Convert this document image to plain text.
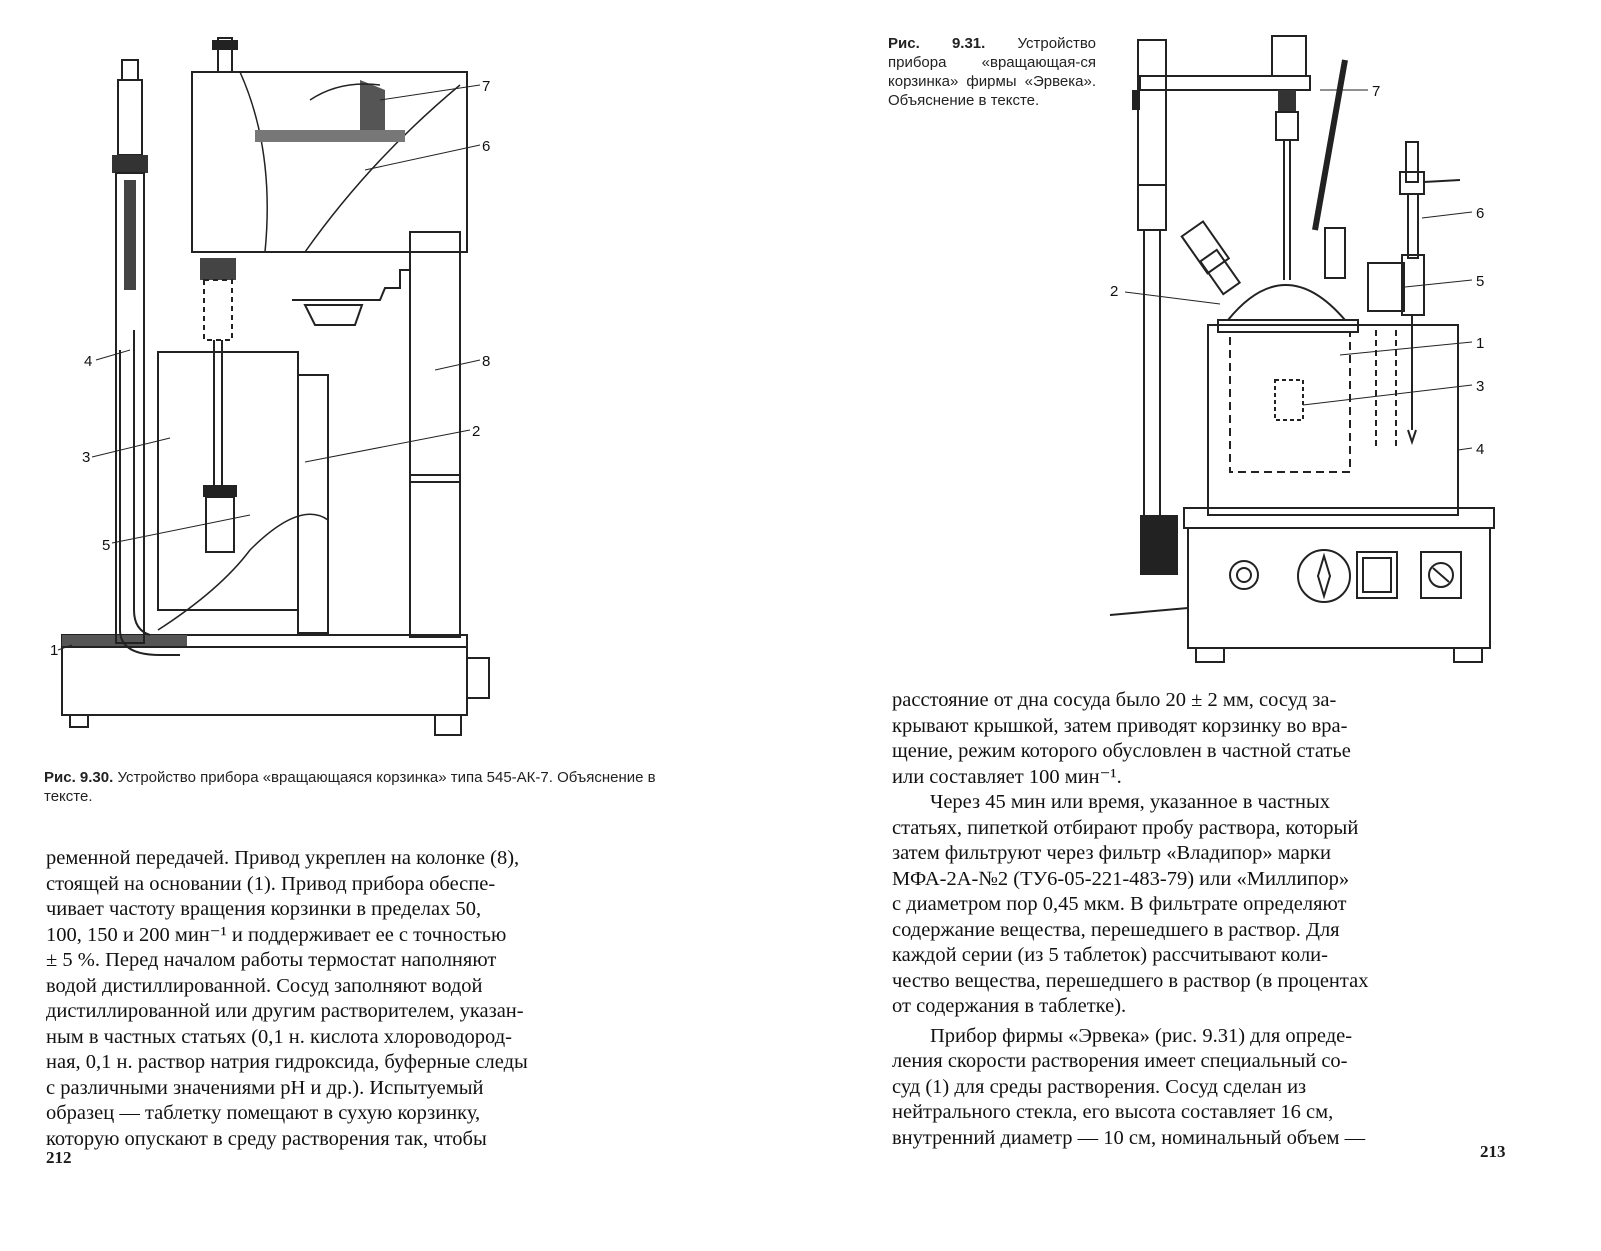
1
2
3
4
5
6
7
8
Рис. 9.30. Устройство прибора «вращающаяся корзинка» типа 545-АК-7. Объяснение в тексте.

ременной передачей. Привод укреплен на колонке (8),

стоящей на основании (1). Привод прибора обеспе-

чивает частоту вращения корзинки в пределах 50,

100, 150 и 200 мин⁻¹ и поддерживает ее с точностью

± 5 %. Перед началом работы термостат наполняют

водой дистиллированной. Сосуд заполняют водой

дистиллированной или другим растворителем, указан-

ным в частных статьях (0,1 н. кислота хлороводород-

ная, 0,1 н. раствор натрия гидроксида, буферные следы

с различными значениями рН и др.). Испытуемый

образец — таблетку помещают в сухую корзинку,

которую опускают в среду растворения так, чтобы

212
Рис. 9.31. Устройство прибора «вращающая-ся корзинка» фирмы «Эрвека». Объяснение в тексте.
1
2
3
4
5
6
7

расстояние от дна сосуда было 20 ± 2 мм, сосуд за-

крывают крышкой, затем приводят корзинку во вра-

щение, режим которого обусловлен в частной статье

или составляет 100 мин⁻¹.

Через 45 мин или время, указанное в частных

статьях, пипеткой отбирают пробу раствора, который

затем фильтруют через фильтр «Владипор» марки

МФА-2А-№2 (ТУ6-05-221-483-79) или «Миллипор»

с диаметром пор 0,45 мкм. В фильтрате определяют

содержание вещества, перешедшего в раствор. Для

каждой серии (из 5 таблеток) рассчитывают коли-

чество вещества, перешедшего в раствор (в процентах

от содержания в таблетке).

Прибор фирмы «Эрвека» (рис. 9.31) для опреде-

ления скорости растворения имеет специальный со-

суд (1) для среды растворения. Сосуд сделан из

нейтрального стекла, его высота составляет 16 см,

внутренний диаметр — 10 см, номинальный объем —

213
